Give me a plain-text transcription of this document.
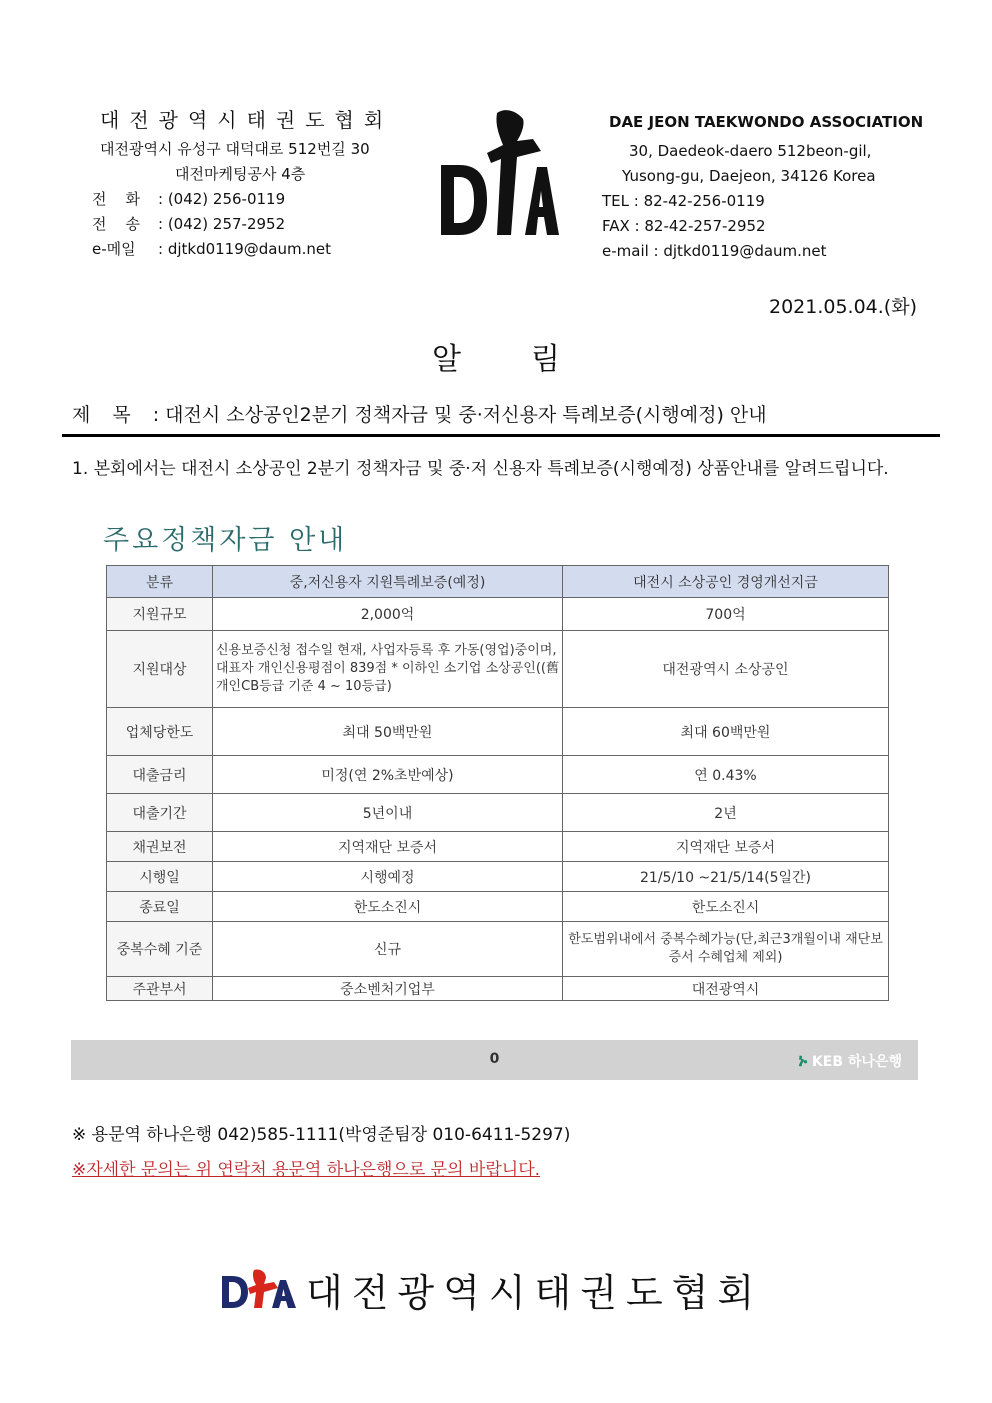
대전광역시태권도협회
대전광역시 유성구 대덕대로 512번길 30
대전마케팅공사 4층
전    화	: (042) 256-0119
전    송	: (042) 257-2952
e-메일	: djtkd0119@daum.net
DAE JEON TAEKWONDO ASSOCIATION
30, Daedeok-daero 512beon-gil,
Yusong-gu, Daejeon, 34126 Korea
TEL : 82-42-256-0119
FAX : 82-42-257-2952
e-mail : djtkd0119@daum.net
2021.05.04.(화)
알림
제목: 대전시 소상공인2분기 정책자금 및 중·저신용자 특례보증(시행예정) 안내
1. 본회에서는 대전시 소상공인 2분기 정책자금 및 중·저 신용자 특례보증(시행예정) 상품안내를 알려드립니다.
주요정책자금 안내
분류	중,저신용자 지원특례보증(예정)	대전시 소상공인 경영개선지금
지원규모	2,000억	700억
지원대상	신용보증신청 접수일 현재, 사업자등록 후 가동(영업)중이며, 대표자 개인신용평점이 839점 * 이하인 소기업 소상공인((舊개인CB등급 기준 4 ~ 10등급)	대전광역시 소상공인
업체당한도	최대 50백만원	최대 60백만원
대출금리	미정(연 2%초반예상)	연 0.43%
대출기간	5년이내	2년
채권보전	지역재단 보증서	지역재단 보증서
시행일	시행예정	21/5/10 ~21/5/14(5일간)
종료일	한도소진시	한도소진시
중복수혜 기준	신규	한도범위내에서 중복수혜가능(단,최근3개월이내 재단보증서 수혜업체 제외)
주관부서	중소벤처기업부	대전광역시
0	ኑ KEB 하나은행
※ 용문역 하나은행 042)585-1111(박영준팀장 010-6411-5297)
※자세한 문의는 위 연락처 용문역 하나은행으로 문의 바랍니다.
대전광역시태권도협회
